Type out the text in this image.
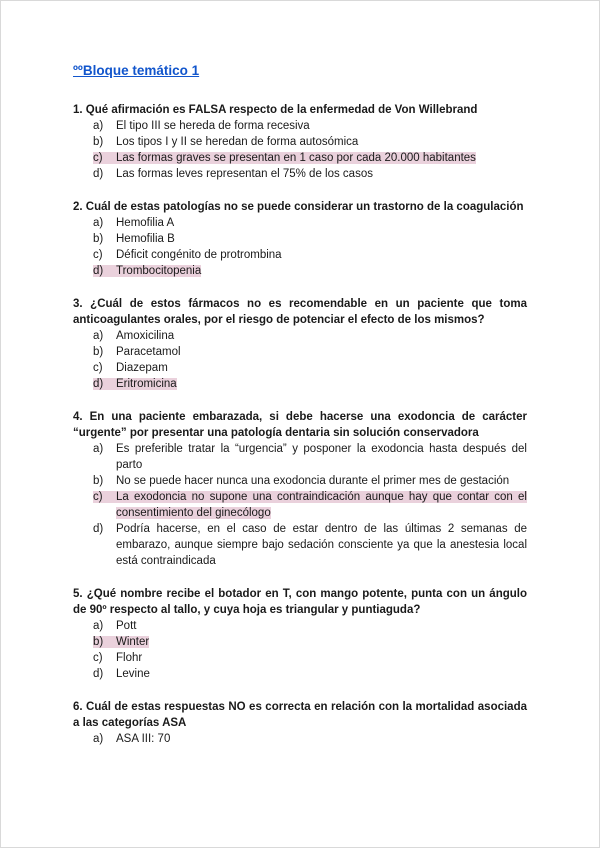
ººBloque temático 1
1. Qué afirmación es FALSA respecto de la enfermedad de Von Willebrand
a) El tipo III se hereda de forma recesiva
b) Los tipos I y II se heredan de forma autosómica
c) Las formas graves se presentan en 1 caso por cada 20.000 habitantes
d) Las formas leves representan el 75% de los casos
2. Cuál de estas patologías no se puede considerar un trastorno de la coagulación
a) Hemofilia A
b) Hemofilia B
c) Déficit congénito de protrombina
d) Trombocitopenia
3. ¿Cuál de estos fármacos no es recomendable en un paciente que toma anticoagulantes orales, por el riesgo de potenciar el efecto de los mismos?
a) Amoxicilina
b) Paracetamol
c) Diazepam
d) Eritromicina
4. En una paciente embarazada, si debe hacerse una exodoncia de carácter “urgente” por presentar una patología dentaria sin solución conservadora
a) Es preferible tratar la “urgencia” y posponer la exodoncia hasta después del parto
b) No se puede hacer nunca una exodoncia durante el primer mes de gestación
c) La exodoncia no supone una contraindicación aunque hay que contar con el consentimiento del ginecólogo
d) Podría hacerse, en el caso de estar dentro de las últimas 2 semanas de embarazo, aunque siempre bajo sedación consciente ya que la anestesia local está contraindicada
5. ¿Qué nombre recibe el botador en T, con mango potente, punta con un ángulo de 90º respecto al tallo, y cuya hoja es triangular y puntiaguda?
a) Pott
b) Winter
c) Flohr
d) Levine
6. Cuál de estas respuestas NO es correcta en relación con la mortalidad asociada a las categorías ASA
a) ASA III: 70
